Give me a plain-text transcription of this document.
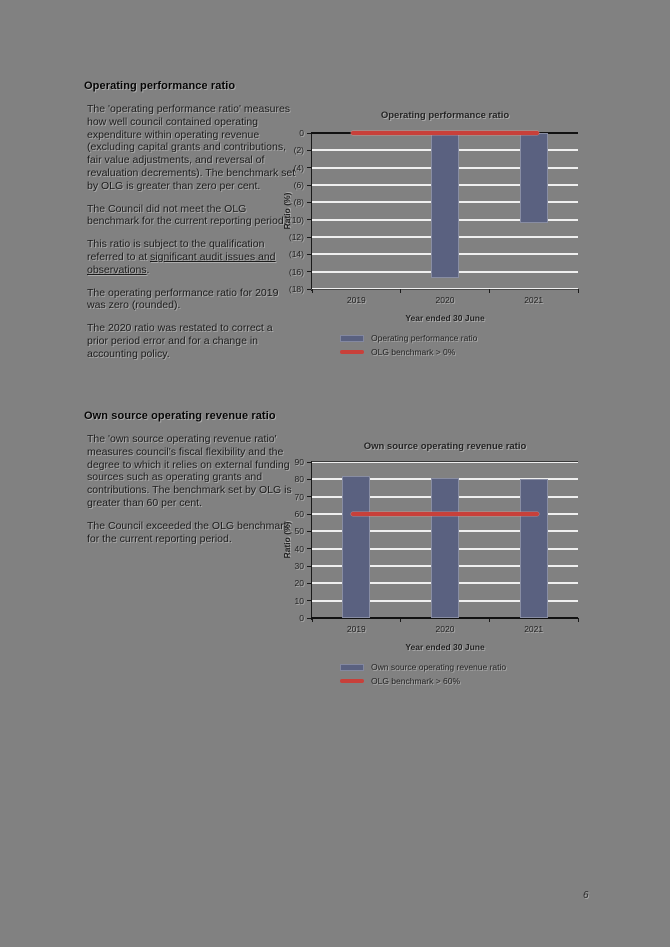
Operating performance ratio

The 'operating performance ratio' measures how well council contained operating expenditure within operating revenue (excluding capital grants and contributions, fair value adjustments, and reversal of revaluation decrements). The benchmark set by OLG is greater than zero per cent.

The Council did not meet the OLG benchmark for the current reporting period.

This ratio is subject to the qualification referred to at significant audit issues and observations.

The operating performance ratio for 2019 was zero (rounded).

The 2020 ratio was restated to correct a prior period error and for a change in accounting policy.

Own source operating revenue ratio

The 'own source operating revenue ratio' measures council's fiscal flexibility and the degree to which it relies on external funding sources such as operating grants and contributions. The benchmark set by OLG is greater than 60 per cent.

The Council exceeded the OLG benchmark for the current reporting period.

Operating performance ratio
0
(2)
(4)
(6)
(8)
(10)
(12)
(14)
(16)
(18)
2019	2020	2021
Year ended 30 June
Ratio (%)
Operating performance ratio
OLG benchmark > 0%
Own source operating revenue ratio
90
80
70
60
50
40
30
20
10
0
2019	2020	2021
Year ended 30 June
Ratio (%)
Own source operating revenue ratio
OLG benchmark > 60%
6
